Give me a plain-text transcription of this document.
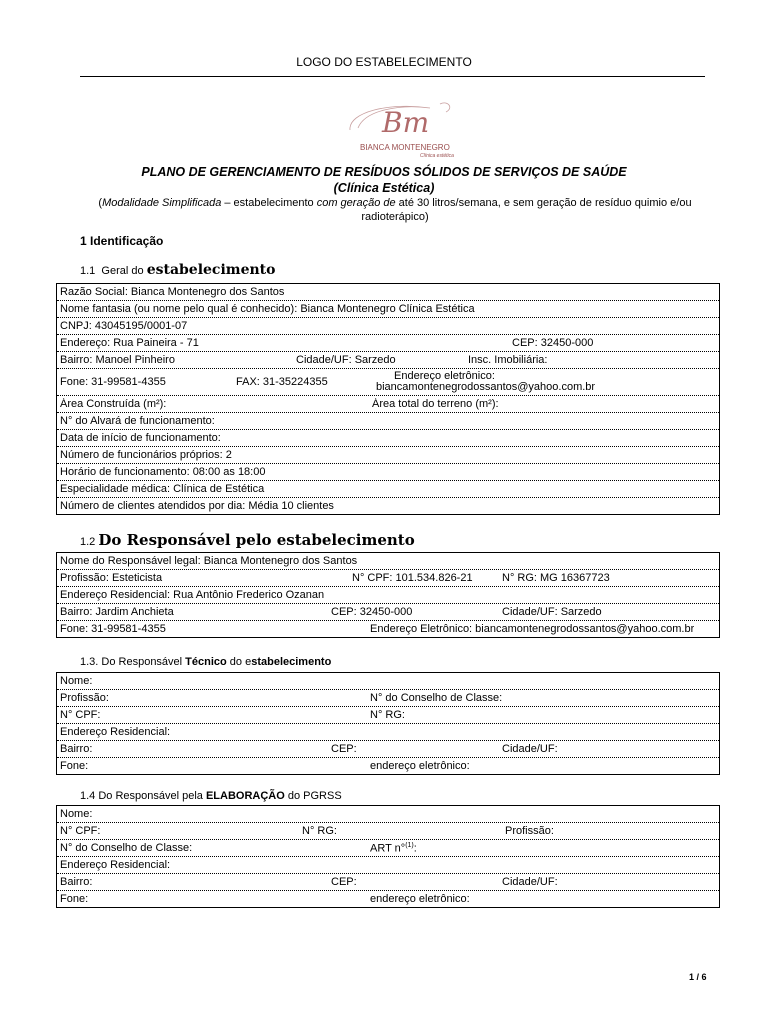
LOGO DO ESTABELECIMENTO
Bm
BIANCA MONTENEGRO
Clínica estética
PLANO DE GERENCIAMENTO DE RESÍDUOS SÓLIDOS DE SERVIÇOS DE SAÚDE
(Clínica Estética)
(Modalidade Simplificada – estabelecimento com geração de até 30 litros/semana, e sem geração de resíduo quimio e/ou radioterápico)
1 Identificação
1.1 Geral do estabelecimento
Razão Social: Bianca Montenegro dos Santos
Nome fantasia (ou nome pelo qual é conhecido): Bianca Montenegro Clínica Estética
CNPJ: 43045195/0001-07
Endereço: Rua Paineira - 71	CEP: 32450-000
Bairro: Manoel Pinheiro	Cidade/UF: Sarzedo	Insc. Imobiliária:
Fone: 31-99581-4355	FAX: 31-35224355	Endereço eletrônico:
biancamontenegrodossantos@yahoo.com.br
Área Construída (m²):	Área total do terreno (m²):
N° do Alvará de funcionamento:
Data de início de funcionamento:
Número de funcionários próprios: 2
Horário de funcionamento: 08:00 as 18:00
Especialidade médica: Clínica de Estética
Número de clientes atendidos por dia: Média 10 clientes
1.2 Do Responsável pelo estabelecimento
Nome do Responsável legal: Bianca Montenegro dos Santos
Profissão: Esteticista	N° CPF: 101.534.826-21	N° RG: MG 16367723
Endereço Residencial: Rua Antônio Frederico Ozanan
Bairro: Jardim Anchieta	CEP: 32450-000	Cidade/UF: Sarzedo
Fone: 31-99581-4355	Endereço Eletrônico: biancamontenegrodossantos@yahoo.com.br
1.3. Do Responsável Técnico do estabelecimento
Nome:
Profissão:	N° do Conselho de Classe:
N° CPF:	N° RG:
Endereço Residencial:
Bairro:	CEP:	Cidade/UF:
Fone:	endereço eletrônico:
1.4 Do Responsável pela ELABORAÇÃO do PGRSS
Nome:
N° CPF:	N° RG:	Profissão:
N° do Conselho de Classe:	ART n°$^{(1)}$:
Endereço Residencial:
Bairro:	CEP:	Cidade/UF:
Fone:	endereço eletrônico:
1 / 6
